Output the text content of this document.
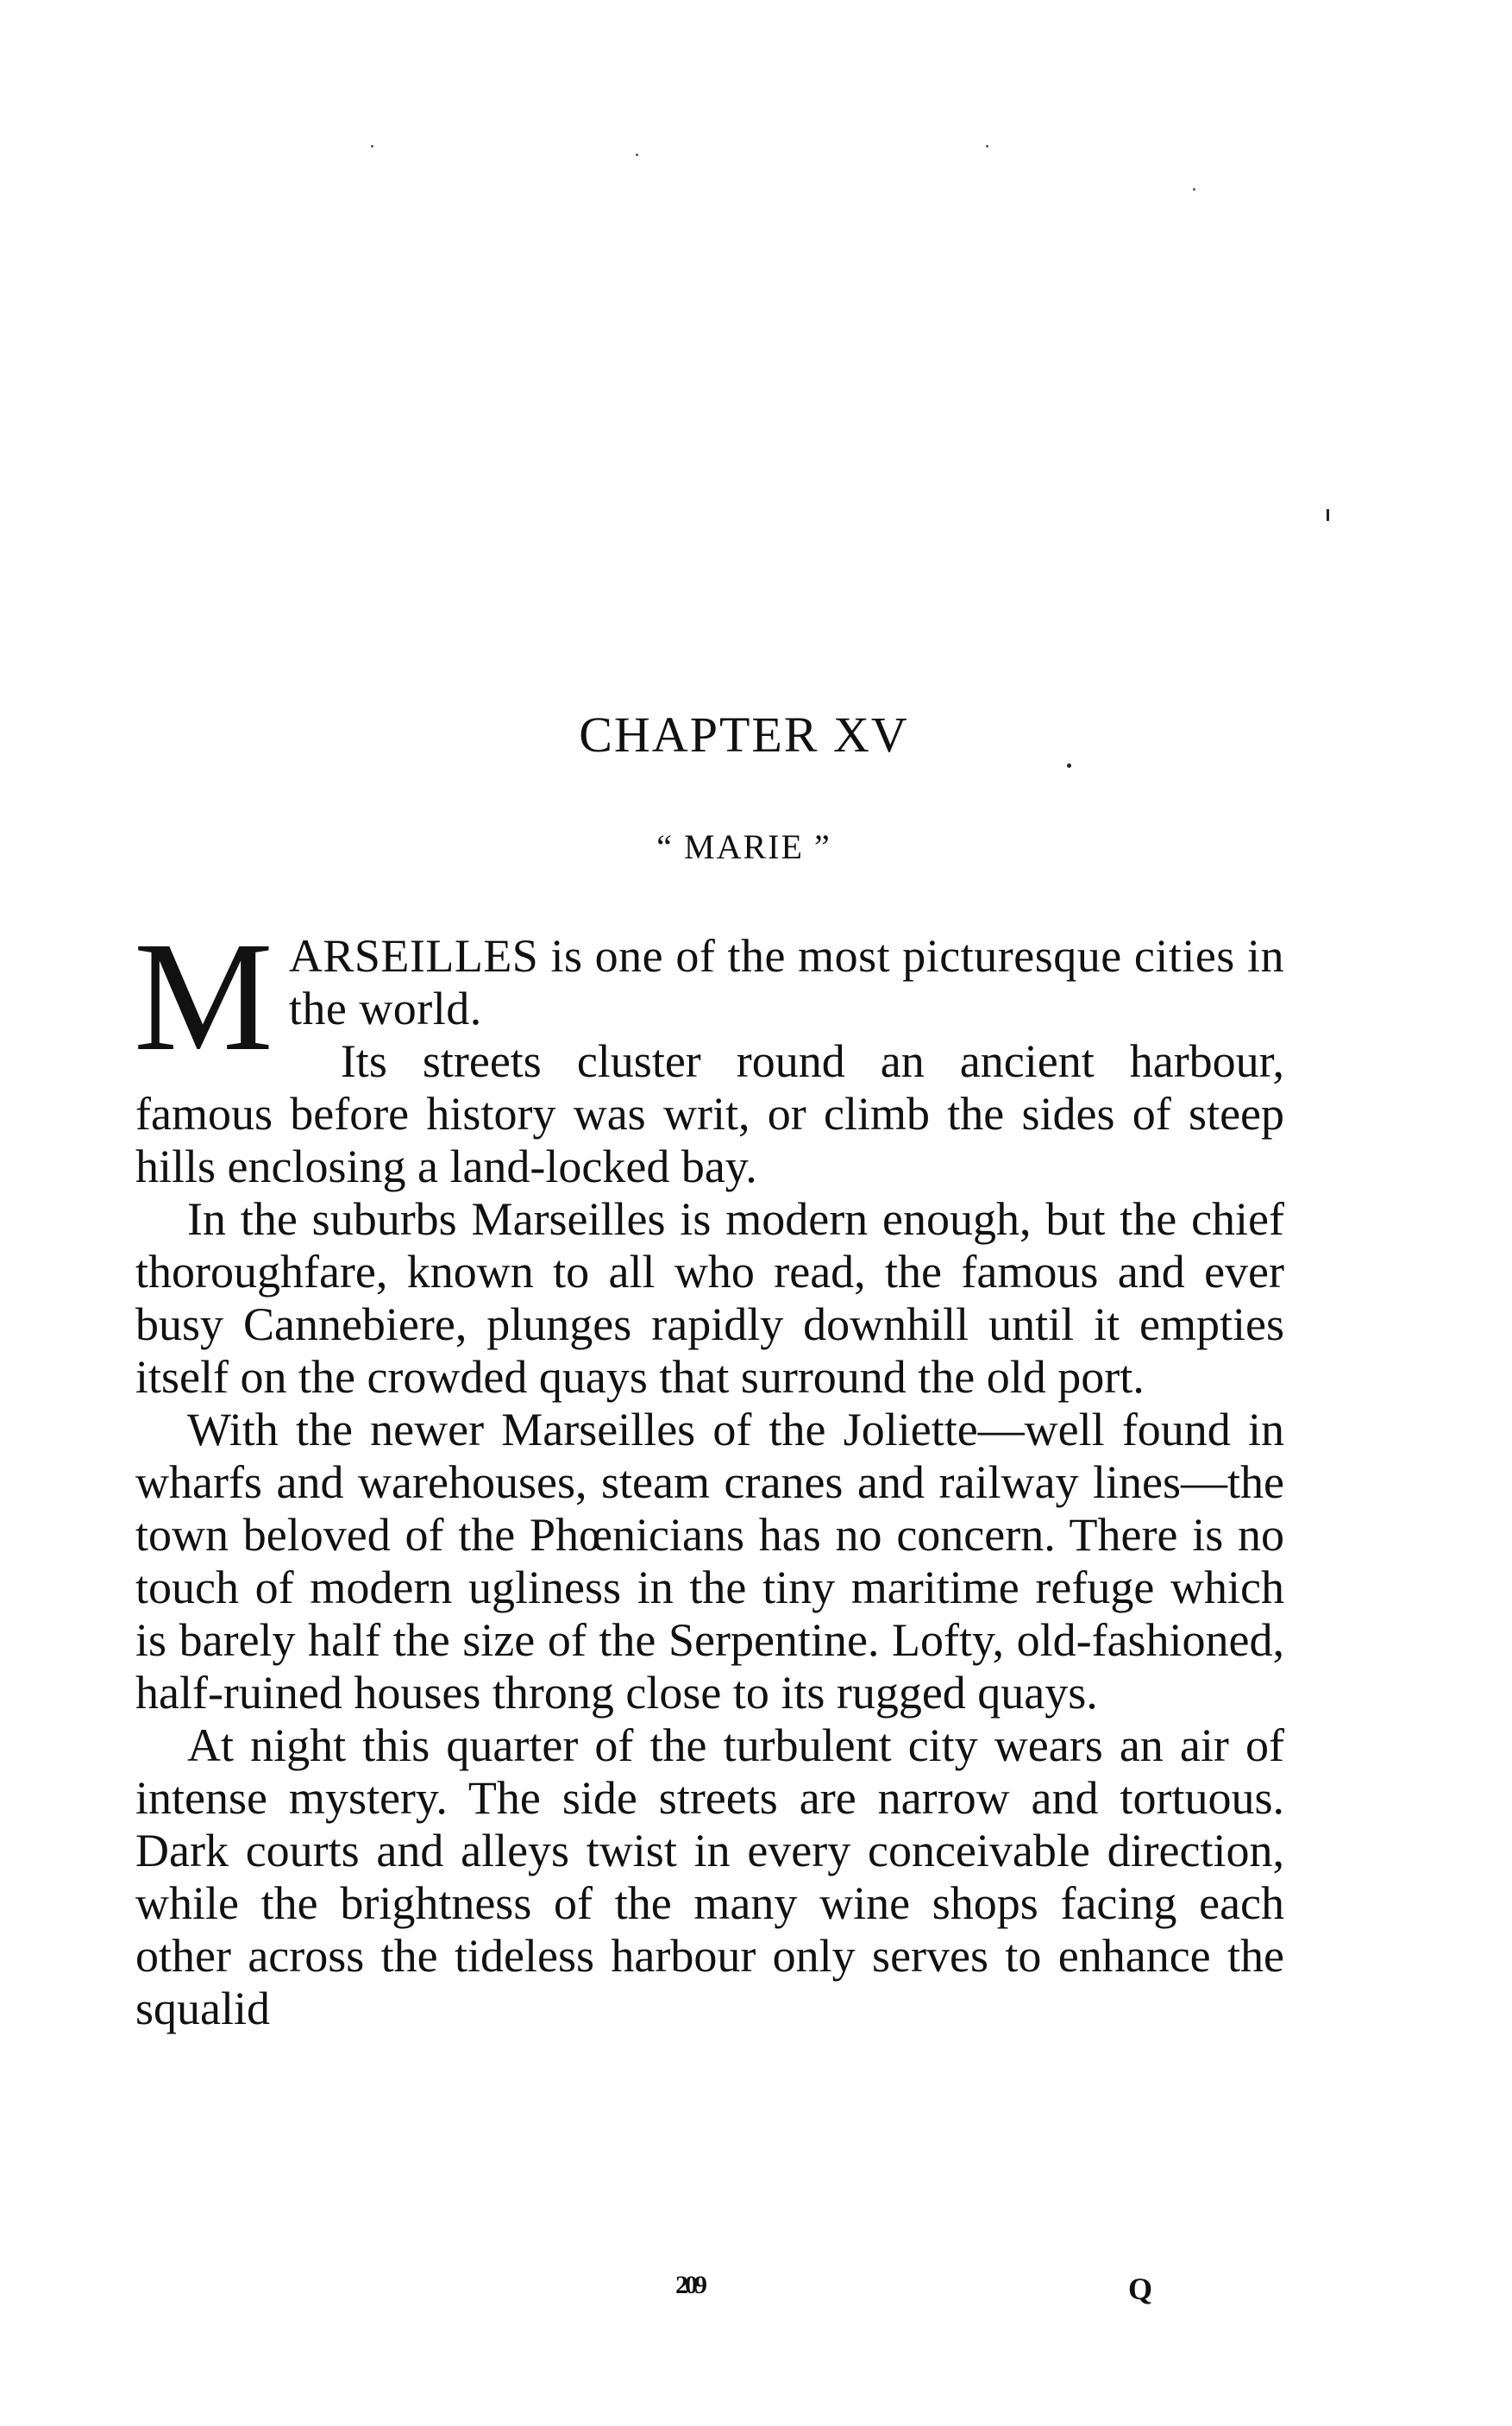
CHAPTER XV
“ MARIE ”

MARSEILLES is one of the most picturesque cities in the world.

Its streets cluster round an ancient harbour, famous before history was writ, or climb the sides of steep hills enclosing a land-locked bay.

In the suburbs Marseilles is modern enough, but the chief thoroughfare, known to all who read, the famous and ever busy Cannebiere, plunges rapidly downhill until it empties itself on the crowded quays that surround the old port.

With the newer Marseilles of the Joliette—well found in wharfs and warehouses, steam cranes and railway lines—the town beloved of the Phœnicians has no concern. There is no touch of modern ugliness in the tiny maritime refuge which is barely half the size of the Serpentine. Lofty, old-fashioned, half-ruined houses throng close to its rugged quays.

At night this quarter of the turbulent city wears an air of intense mystery. The side streets are narrow and tortuous. Dark courts and alleys twist in every conceivable direction, while the brightness of the many wine shops facing each other across the tideless harbour only serves to enhance the squalid

209	Q
